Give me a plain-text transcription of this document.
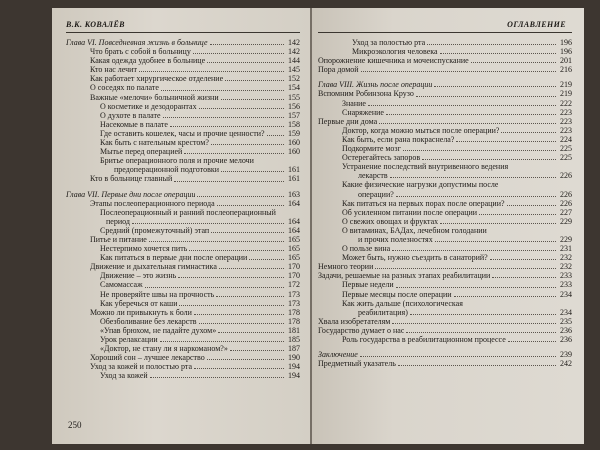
В.К. КОВАЛЁВ
Глава VI. Повседневная жизнь в больнице	142
Что брать с собой в больницу	142
Какая одежда удобнее в больнице	144
Кто нас лечит	145
Как работает хирургическое отделение	152
О соседях по палате	154
Важные «мелочи» больничной жизни	155
О косметике и дезодорантах	156
О духоте в палате	157
Насекомые в палате	158
Где оставить кошелек, часы и прочие ценности?	159
Как быть с нательным крестом?	160
Мытье перед операцией	160
Бритье операционного поля и прочие мелочи
предоперационной подготовки	161
Кто в больнице главный	161
Глава VII. Первые дни после операции	163
Этапы послеоперационного периода	164
Послеоперационный и ранний послеоперационный
период	164
Средний (промежуточный) этап	164
Питье и питание	165
Нестерпимо хочется пить	165
Как питаться в первые дни после операции	165
Движение и дыхательная гимнастика	170
Движение – это жизнь	170
Самомассаж	172
Не проверяйте швы на прочность	173
Как уберечься от каши	173
Можно ли привыкнуть к боли	178
Обезболивание без лекарств	178
«Упав брюхом, не падайте духом»	181
Урок релаксации	185
«Доктор, не стану ли я наркоманом?»	187
Хороший сон – лучшее лекарство	190
Уход за кожей и полостью рта	194
Уход за кожей	194
250
ОГЛАВЛЕНИЕ
Уход за полостью рта	196
Микроэкология человека	196
Опорожнение кишечника и мочеиспускание	201
Пора домой	216
Глава VIII. Жизнь после операции	219
Вспомним Робинзона Крузо	219
Знание	222
Снаряжение	223
Первые дни дома	223
Доктор, когда можно мыться после операции?	223
Как быть, если рана покраснела?	224
Подкормите мозг	225
Остерегайтесь запоров	225
Устранение последствий внутривенного ведения
лекарств	226
Какие физические нагрузки допустимы после
операции?	226
Как питаться на первых порах после операции?	226
Об усиленном питании после операции	227
О свежих овощах и фруктах	229
О витаминах, БАДах, лечебном голодании
и прочих полезностях	229
О пользе вина	231
Может быть, нужно съездить в санаторий?	232
Немного теории	232
Задачи, решаемые на разных этапах реабилитации	233
Первые недели	233
Первые месяцы после операции	234
Как жить дальше (психологическая
реабилитация)	234
Хвала изобретателям	235
Государство думает о нас	236
Роль государства в реабилитационном процессе	236
Заключение	239
Предметный указатель	242
